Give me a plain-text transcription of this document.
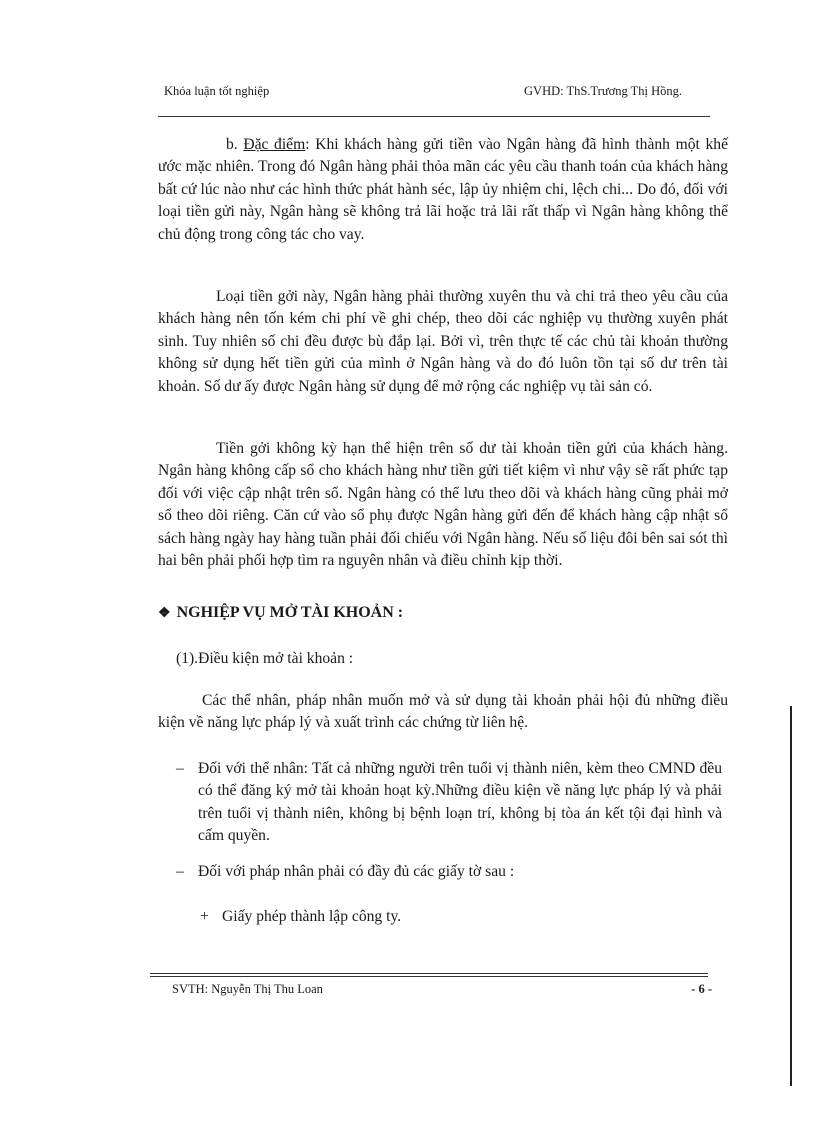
Khóa luận tốt nghiệp	GVHD: ThS.Trương Thị Hồng.
b. Đặc điểm: Khi khách hàng gửi tiền vào Ngân hàng đã hình thành một khế ước mặc nhiên. Trong đó Ngân hàng phải thỏa mãn các yêu cầu thanh toán của khách hàng bất cứ lúc nào như các hình thức phát hành séc, lập ủy nhiệm chi, lệch chi... Do đó, đối với loại tiền gửi này, Ngân hàng sẽ không trả lãi hoặc trả lãi rất thấp vì Ngân hàng không thể chủ động trong công tác cho vay.
Loại tiền gởi này, Ngân hàng phải thường xuyên thu và chi trả theo yêu cầu của khách hàng nên tốn kém chi phí về ghi chép, theo dõi các nghiệp vụ thường xuyên phát sinh. Tuy nhiên số chi đều được bù đắp lại. Bởi vì, trên thực tế các chủ tài khoản thường không sử dụng hết tiền gửi của mình ở Ngân hàng và do đó luôn tồn tại số dư trên tài khoản. Số dư ấy được Ngân hàng sử dụng để mở rộng các nghiệp vụ tài sản có.
Tiền gởi không kỳ hạn thể hiện trên số dư tài khoản tiền gửi của khách hàng. Ngân hàng không cấp sổ cho khách hàng như tiền gửi tiết kiệm vì như vậy sẽ rất phức tạp đối với việc cập nhật trên sổ. Ngân hàng có thể lưu theo dõi và khách hàng cũng phải mở sổ theo dõi riêng. Căn cứ vào sổ phụ được Ngân hàng gửi đến để khách hàng cập nhật sổ sách hàng ngày hay hàng tuần phải đối chiếu với Ngân hàng. Nếu số liệu đôi bên sai sót thì hai bên phải phối hợp tìm ra nguyên nhân và điều chỉnh kịp thời.
❖ NGHIỆP VỤ MỞ TÀI KHOẢN :
(1).Điều kiện mở tài khoản :
Các thể nhân, pháp nhân muốn mở và sử dụng tài khoản phải hội đủ những điều kiện về năng lực pháp lý và xuất trình các chứng từ liên hệ.
– Đối với thể nhân: Tất cả những người trên tuổi vị thành niên, kèm theo CMND đều có thể đăng ký mở tài khoản hoạt kỳ.Những điều kiện về năng lực pháp lý và phải trên tuổi vị thành niên, không bị bệnh loạn trí, không bị tòa án kết tội đại hình và cấm quyền.
– Đối với pháp nhân phải có đầy đủ các giấy tờ sau :
+ Giấy phép thành lập công ty.
SVTH: Nguyễn Thị Thu Loan	- 6 -
